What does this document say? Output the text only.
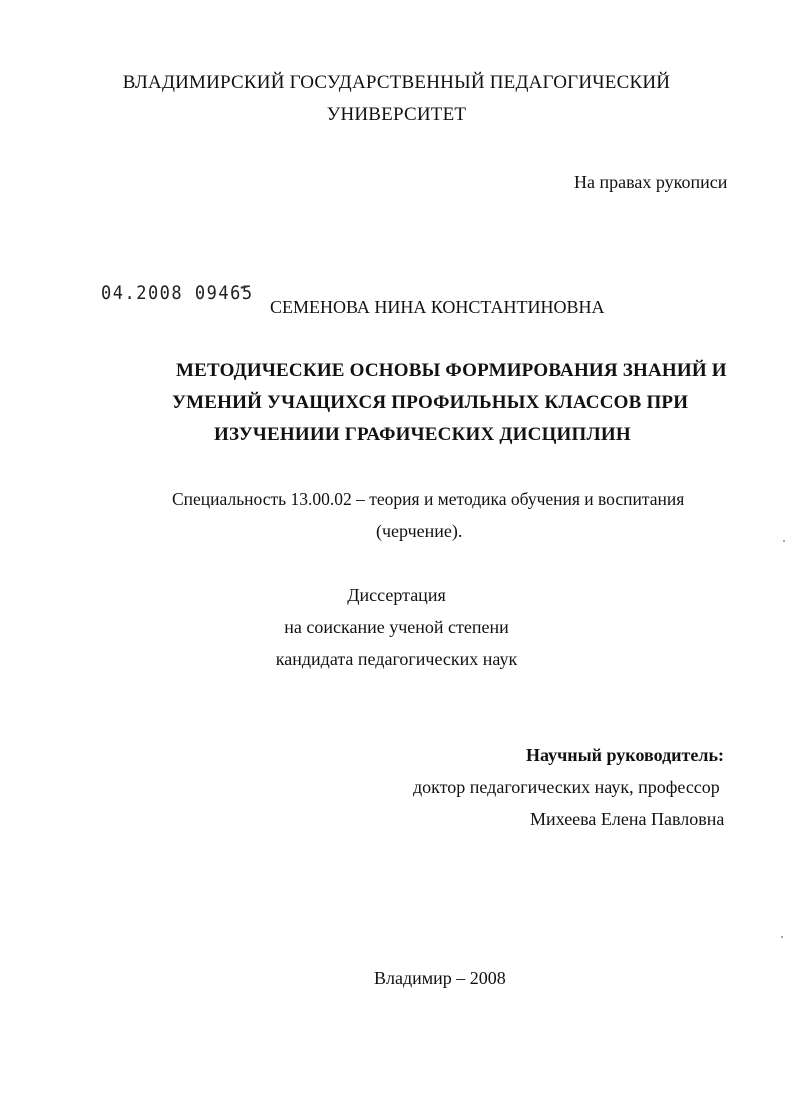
ВЛАДИМИРСКИЙ ГОСУДАРСТВЕННЫЙ ПЕДАГОГИЧЕСКИЙ
УНИВЕРСИТЕТ
На правах рукописи
04.2008 09465
СЕМЕНОВА НИНА КОНСТАНТИНОВНА
МЕТОДИЧЕСКИЕ ОСНОВЫ ФОРМИРОВАНИЯ ЗНАНИЙ И
УМЕНИЙ УЧАЩИХСЯ ПРОФИЛЬНЫХ КЛАССОВ ПРИ
ИЗУЧЕНИИИ ГРАФИЧЕСКИХ ДИСЦИПЛИН
Специальность 13.00.02 – теория и методика обучения и воспитания
(черчение).
Диссертация
на соискание ученой степени
кандидата педагогических наук
Научный руководитель:
доктор педагогических наук, профессор
Михеева Елена Павловна
Владимир – 2008
